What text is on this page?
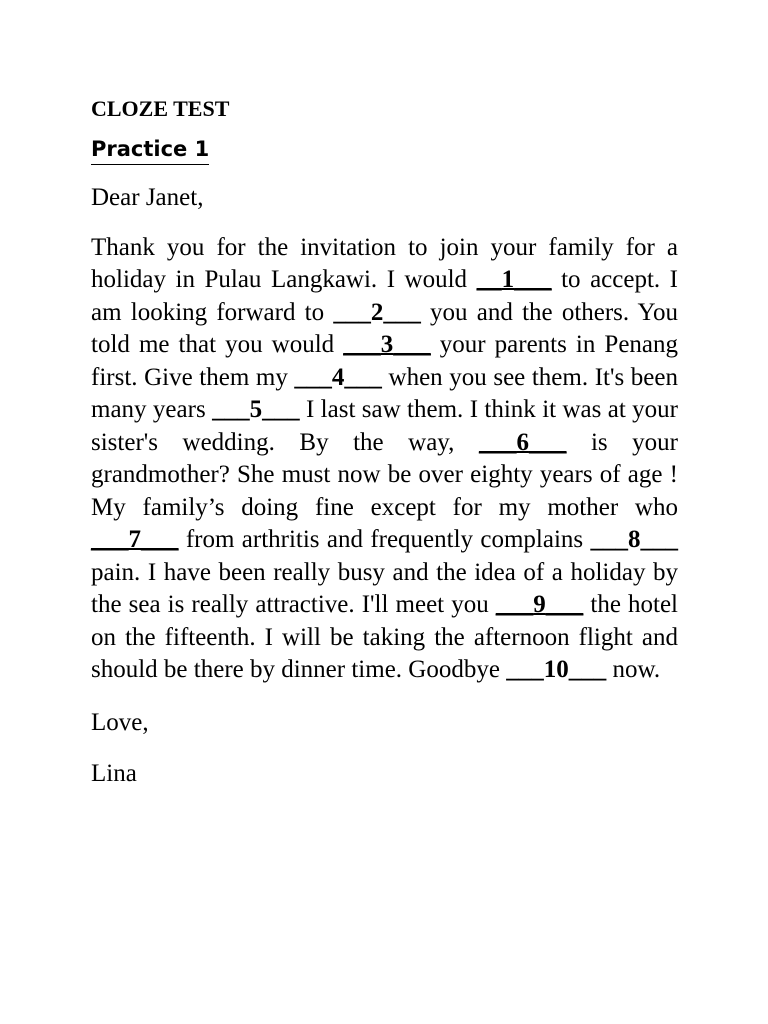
CLOZE TEST
Practice 1

Dear Janet,

Thank you for the invitation to join your family for a holiday in Pulau Langkawi. I would __1___ to accept. I am looking forward to ___2___ you and the others. You told me that you would ___3___ your parents in Penang first. Give them my ___4___ when you see them. It's been many years ___5___ I last saw them. I think it was at your sister's wedding. By the way, ___6___ is your grandmother? She must now be over eighty years of age ! My family’s doing fine except for my mother who ___7___ from arthritis and frequently complains ___8___ pain. I have been really busy and the idea of a holiday by the sea is really attractive. I'll meet you ___9___ the hotel on the fifteenth. I will be taking the afternoon flight and should be there by dinner time. Goodbye ___10___ now.

Love,

Lina
